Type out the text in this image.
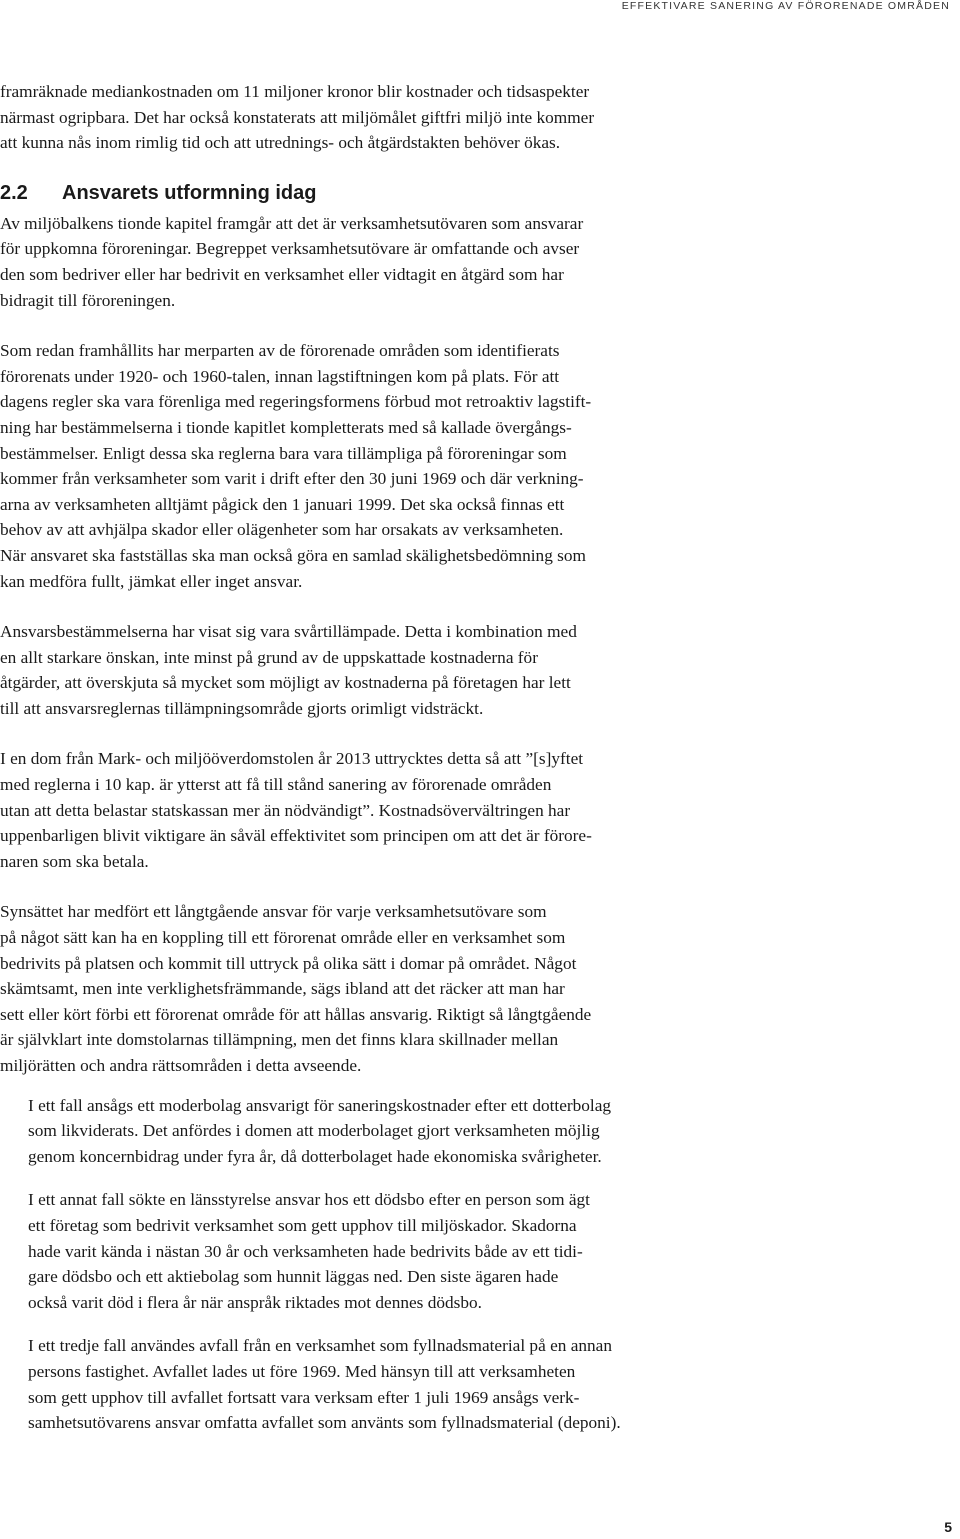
EFFEKTIVARE SANERING AV FÖRORENADE OMRÅDEN

framräknade mediankostnaden om 11 miljoner kronor blir kostnader och tidsaspekter
närmast ogripbara. Det har också konstaterats att miljömålet giftfri miljö inte kommer
att kunna nås inom rimlig tid och att utrednings- och åtgärdstakten behöver ökas.

2.2 Ansvarets utformning idag

Av miljöbalkens tionde kapitel framgår att det är verksamhetsutövaren som ansvarar
för uppkomna föroreningar. Begreppet verksamhetsutövare är omfattande och avser
den som bedriver eller har bedrivit en verksamhet eller vidtagit en åtgärd som har
bidragit till föroreningen.

Som redan framhållits har merparten av de förorenade områden som identifierats
förorenats under 1920- och 1960-talen, innan lagstiftningen kom på plats. För att
dagens regler ska vara förenliga med regeringsformens förbud mot retroaktiv lagstift-
ning har bestämmelserna i tionde kapitlet kompletterats med så kallade övergångs-
bestämmelser. Enligt dessa ska reglerna bara vara tillämpliga på föroreningar som
kommer från verksamheter som varit i drift efter den 30 juni 1969 och där verkning-
arna av verksamheten alltjämt pågick den 1 januari 1999. Det ska också finnas ett
behov av att avhjälpa skador eller olägenheter som har orsakats av verksamheten.
När ansvaret ska fastställas ska man också göra en samlad skälighetsbedömning som
kan medföra fullt, jämkat eller inget ansvar.

Ansvarsbestämmelserna har visat sig vara svårtillämpade. Detta i kombination med
en allt starkare önskan, inte minst på grund av de uppskattade kostnaderna för
åtgärder, att överskjuta så mycket som möjligt av kostnaderna på företagen har lett
till att ansvarsreglernas tillämpningsområde gjorts orimligt vidsträckt.

I en dom från Mark- och miljööverdomstolen år 2013 uttrycktes detta så att ”[s]yftet
med reglerna i 10 kap. är ytterst att få till stånd sanering av förorenade områden
utan att detta belastar statskassan mer än nödvändigt”. Kostnadsövervältringen har
uppenbarligen blivit viktigare än såväl effektivitet som principen om att det är förore-
naren som ska betala.

Synsättet har medfört ett långtgående ansvar för varje verksamhetsutövare som
på något sätt kan ha en koppling till ett förorenat område eller en verksamhet som
bedrivits på platsen och kommit till uttryck på olika sätt i domar på området. Något
skämtsamt, men inte verklighetsfrämmande, sägs ibland att det räcker att man har
sett eller kört förbi ett förorenat område för att hållas ansvarig. Riktigt så långtgående
är självklart inte domstolarnas tillämpning, men det finns klara skillnader mellan
miljörätten och andra rättsområden i detta avseende.

I ett fall ansågs ett moderbolag ansvarigt för saneringskostnader efter ett dotterbolag
som likviderats. Det anfördes i domen att moderbolaget gjort verksamheten möjlig
genom koncernbidrag under fyra år, då dotterbolaget hade ekonomiska svårigheter.

I ett annat fall sökte en länsstyrelse ansvar hos ett dödsbo efter en person som ägt
ett företag som bedrivit verksamhet som gett upphov till miljöskador. Skadorna
hade varit kända i nästan 30 år och verksamheten hade bedrivits både av ett tidi-
gare dödsbo och ett aktiebolag som hunnit läggas ned. Den siste ägaren hade
också varit död i flera år när anspråk riktades mot dennes dödsbo.

I ett tredje fall användes avfall från en verksamhet som fyllnadsmaterial på en annan
persons fastighet. Avfallet lades ut före 1969. Med hänsyn till att verksamheten
som gett upphov till avfallet fortsatt vara verksam efter 1 juli 1969 ansågs verk-
samhetsutövarens ansvar omfatta avfallet som använts som fyllnadsmaterial (deponi).

5
